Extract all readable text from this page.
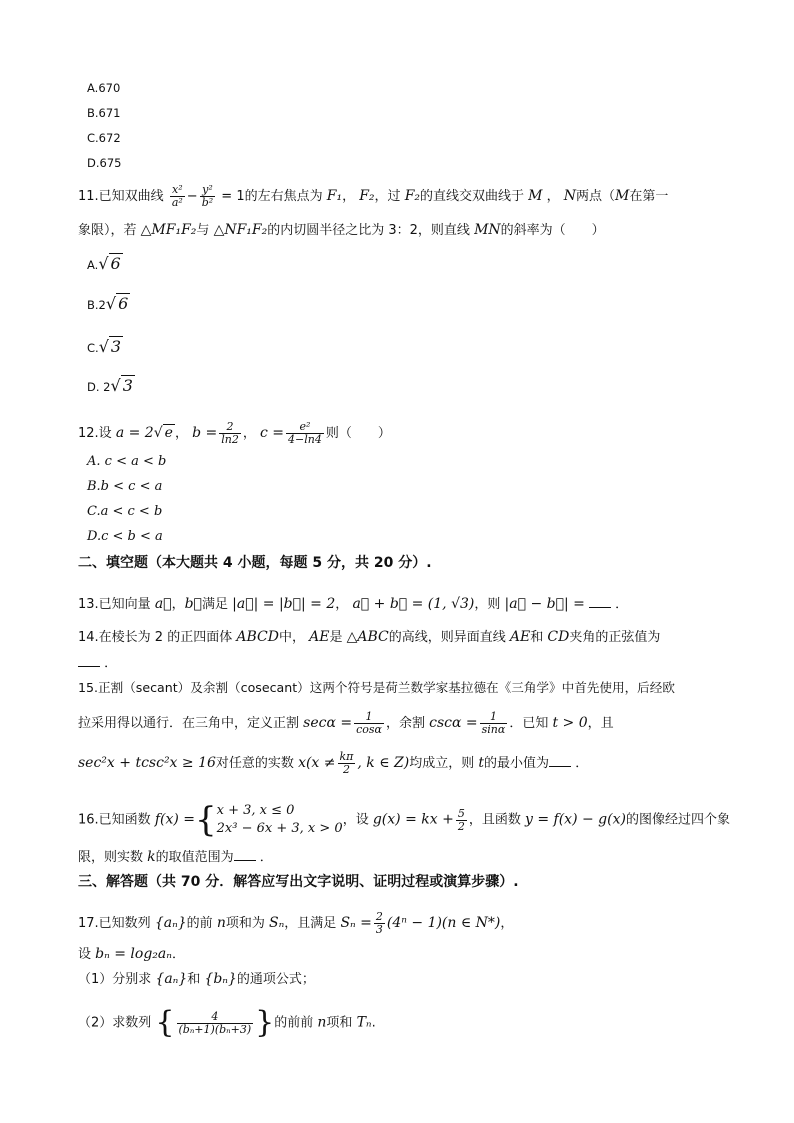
A.670
B.671
C.672
D.675
11.已知双曲线 $\frac{\text{x²}}{\text{a²}} - \frac{\text{y²}}{\text{b²}} = 1$的左右焦点为 F₁， F₂，过 F₂的直线交双曲线于 M ， N两点（M在第一
象限），若 △MF₁F₂与 △NF₁F₂的内切圆半径之比为 3：2，则直线 MN的斜率为（　　）
A.√ 6
B.2√ 6
C.√ 3
D. 2√ 3
12.设 a = 2√ e ， $b = \frac{2}{\ln 2}$ ， $c = \frac{\text{e²}}{4-\ln 4}$ 则（　　）
A. c < a < b
B.b < c < a
C.a < c < b
D.c < b < a
二、填空题（本大题共 4 小题，每题 5 分，共 20 分）.
13.已知向量 a⃗，b⃗满足 |a⃗| = |b⃗| = 2， a⃗ + b⃗ = (1, √3)，则 |a⃗ − b⃗| = ．
14.在棱长为 2 的正四面体 ABCD中， AE是 △ABC的高线，则异面直线 AE和 CD夹角的正弦值为
．
15.正割（secant）及余割（cosecant）这两个符号是荷兰数学家基拉德在《三角学》中首先使用，后经欧
拉采用得以通行．在三角中，定义正割 $\sec\alpha = \frac{1}{\cos\alpha}$ ，余割 $\csc\alpha = \frac{1}{\sin\alpha}$ ．已知 t > 0，且
sec²x + tcsc²x ≥ 16对任意的实数 $x(x \ne \frac{k\pi}{2}$ , k ∈ Z)均成立，则 t的最小值为 ．
16.已知函数 f(x) ={ x + 3, x ≤ 0
2x³ − 6x + 3, x > 0
，设 g(x) = kx + $\frac{5}{2}$ ，且函数 y = f(x) − g(x)的图像经过四个象
限，则实数 k的取值范围为 ．
三、解答题（共 70 分．解答应写出文字说明、证明过程或演算步骤）.
17.已知数列 {aₙ}的前 n项和为 Sₙ，且满足 $S_n = \frac{2}{3} (4^n - 1)(n$ ∈ N*)，
设 bₙ = log₂aₙ．
（1）分别求 {aₙ}和 {bₙ}的通项公式；
（2）求数列 { $\frac{4}{\text{(bₙ+1)(bₙ+3)}}$ }的前前 n项和 Tₙ.
